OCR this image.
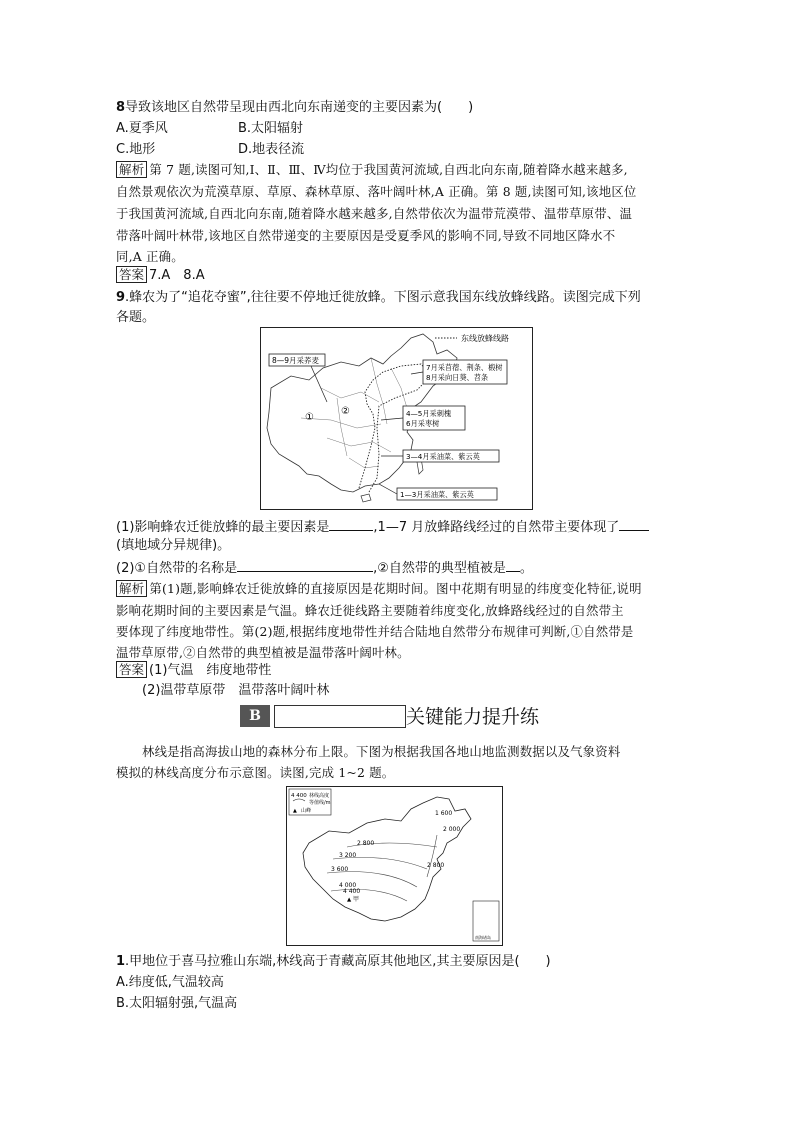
8导致该地区自然带呈现由西北向东南递变的主要因素为(　　)
A.夏季风	B.太阳辐射
C.地形	D.地表径流
解析 第 7 题,读图可知,Ⅰ、Ⅱ、Ⅲ、Ⅳ均位于我国黄河流域,自西北向东南,随着降水越来越多,
自然景观依次为荒漠草原、草原、森林草原、落叶阔叶林,A 正确。第 8 题,读图可知,该地区位
于我国黄河流域,自西北向东南,随着降水越来越多,自然带依次为温带荒漠带、温带草原带、温
带落叶阔叶林带,该地区自然带递变的主要原因是受夏季风的影响不同,导致不同地区降水不
同,A 正确。
答案 7.A　8.A
9.蜂农为了“追花夺蜜”,往往要不停地迁徙放蜂。下图示意我国东线放蜂线路。读图完成下列
各题。
东线放蜂线路
8—9月采荞麦
7月采苜蓿、荆条、椴树
8月采向日葵、苕条
4—5月采刺槐
6月采枣树
3—4月采油菜、紫云英
1—3月采油菜、紫云英
①
②
(1)影响蜂农迁徙放蜂的最主要因素是	,1—7 月放蜂路线经过的自然带主要体现了
(填地域分异规律)。
(2)①自然带的名称是	,②自然带的典型植被是 。
解析 第(1)题,影响蜂农迁徙放蜂的直接原因是花期时间。图中花期有明显的纬度变化特征,说明
影响花期时间的主要因素是气温。蜂农迁徙线路主要随着纬度变化,放蜂路线经过的自然带主
要体现了纬度地带性。第(2)题,根据纬度地带性并结合陆地自然带分布规律可判断,①自然带是
温带草原带,②自然带的典型植被是温带落叶阔叶林。
答案 (1)气温　纬度地带性
(2)温带草原带　温带落叶阔叶林
B 级
关键能力提升练
林线是指高海拔山地的森林分布上限。下图为根据我国各地山地监测数据以及气象资料
模拟的林线高度分布示意图。读图,完成 1~2 题。
4 400 林线高度
等值线/m
▲ 山峰	1 600
2 000
2 800
2 800
3 200
3 600
4 000
4 400
▲ 甲
南海诸岛
1.甲地位于喜马拉雅山东端,林线高于青藏高原其他地区,其主要原因是(　　)
A.纬度低,气温较高
B.太阳辐射强,气温高
